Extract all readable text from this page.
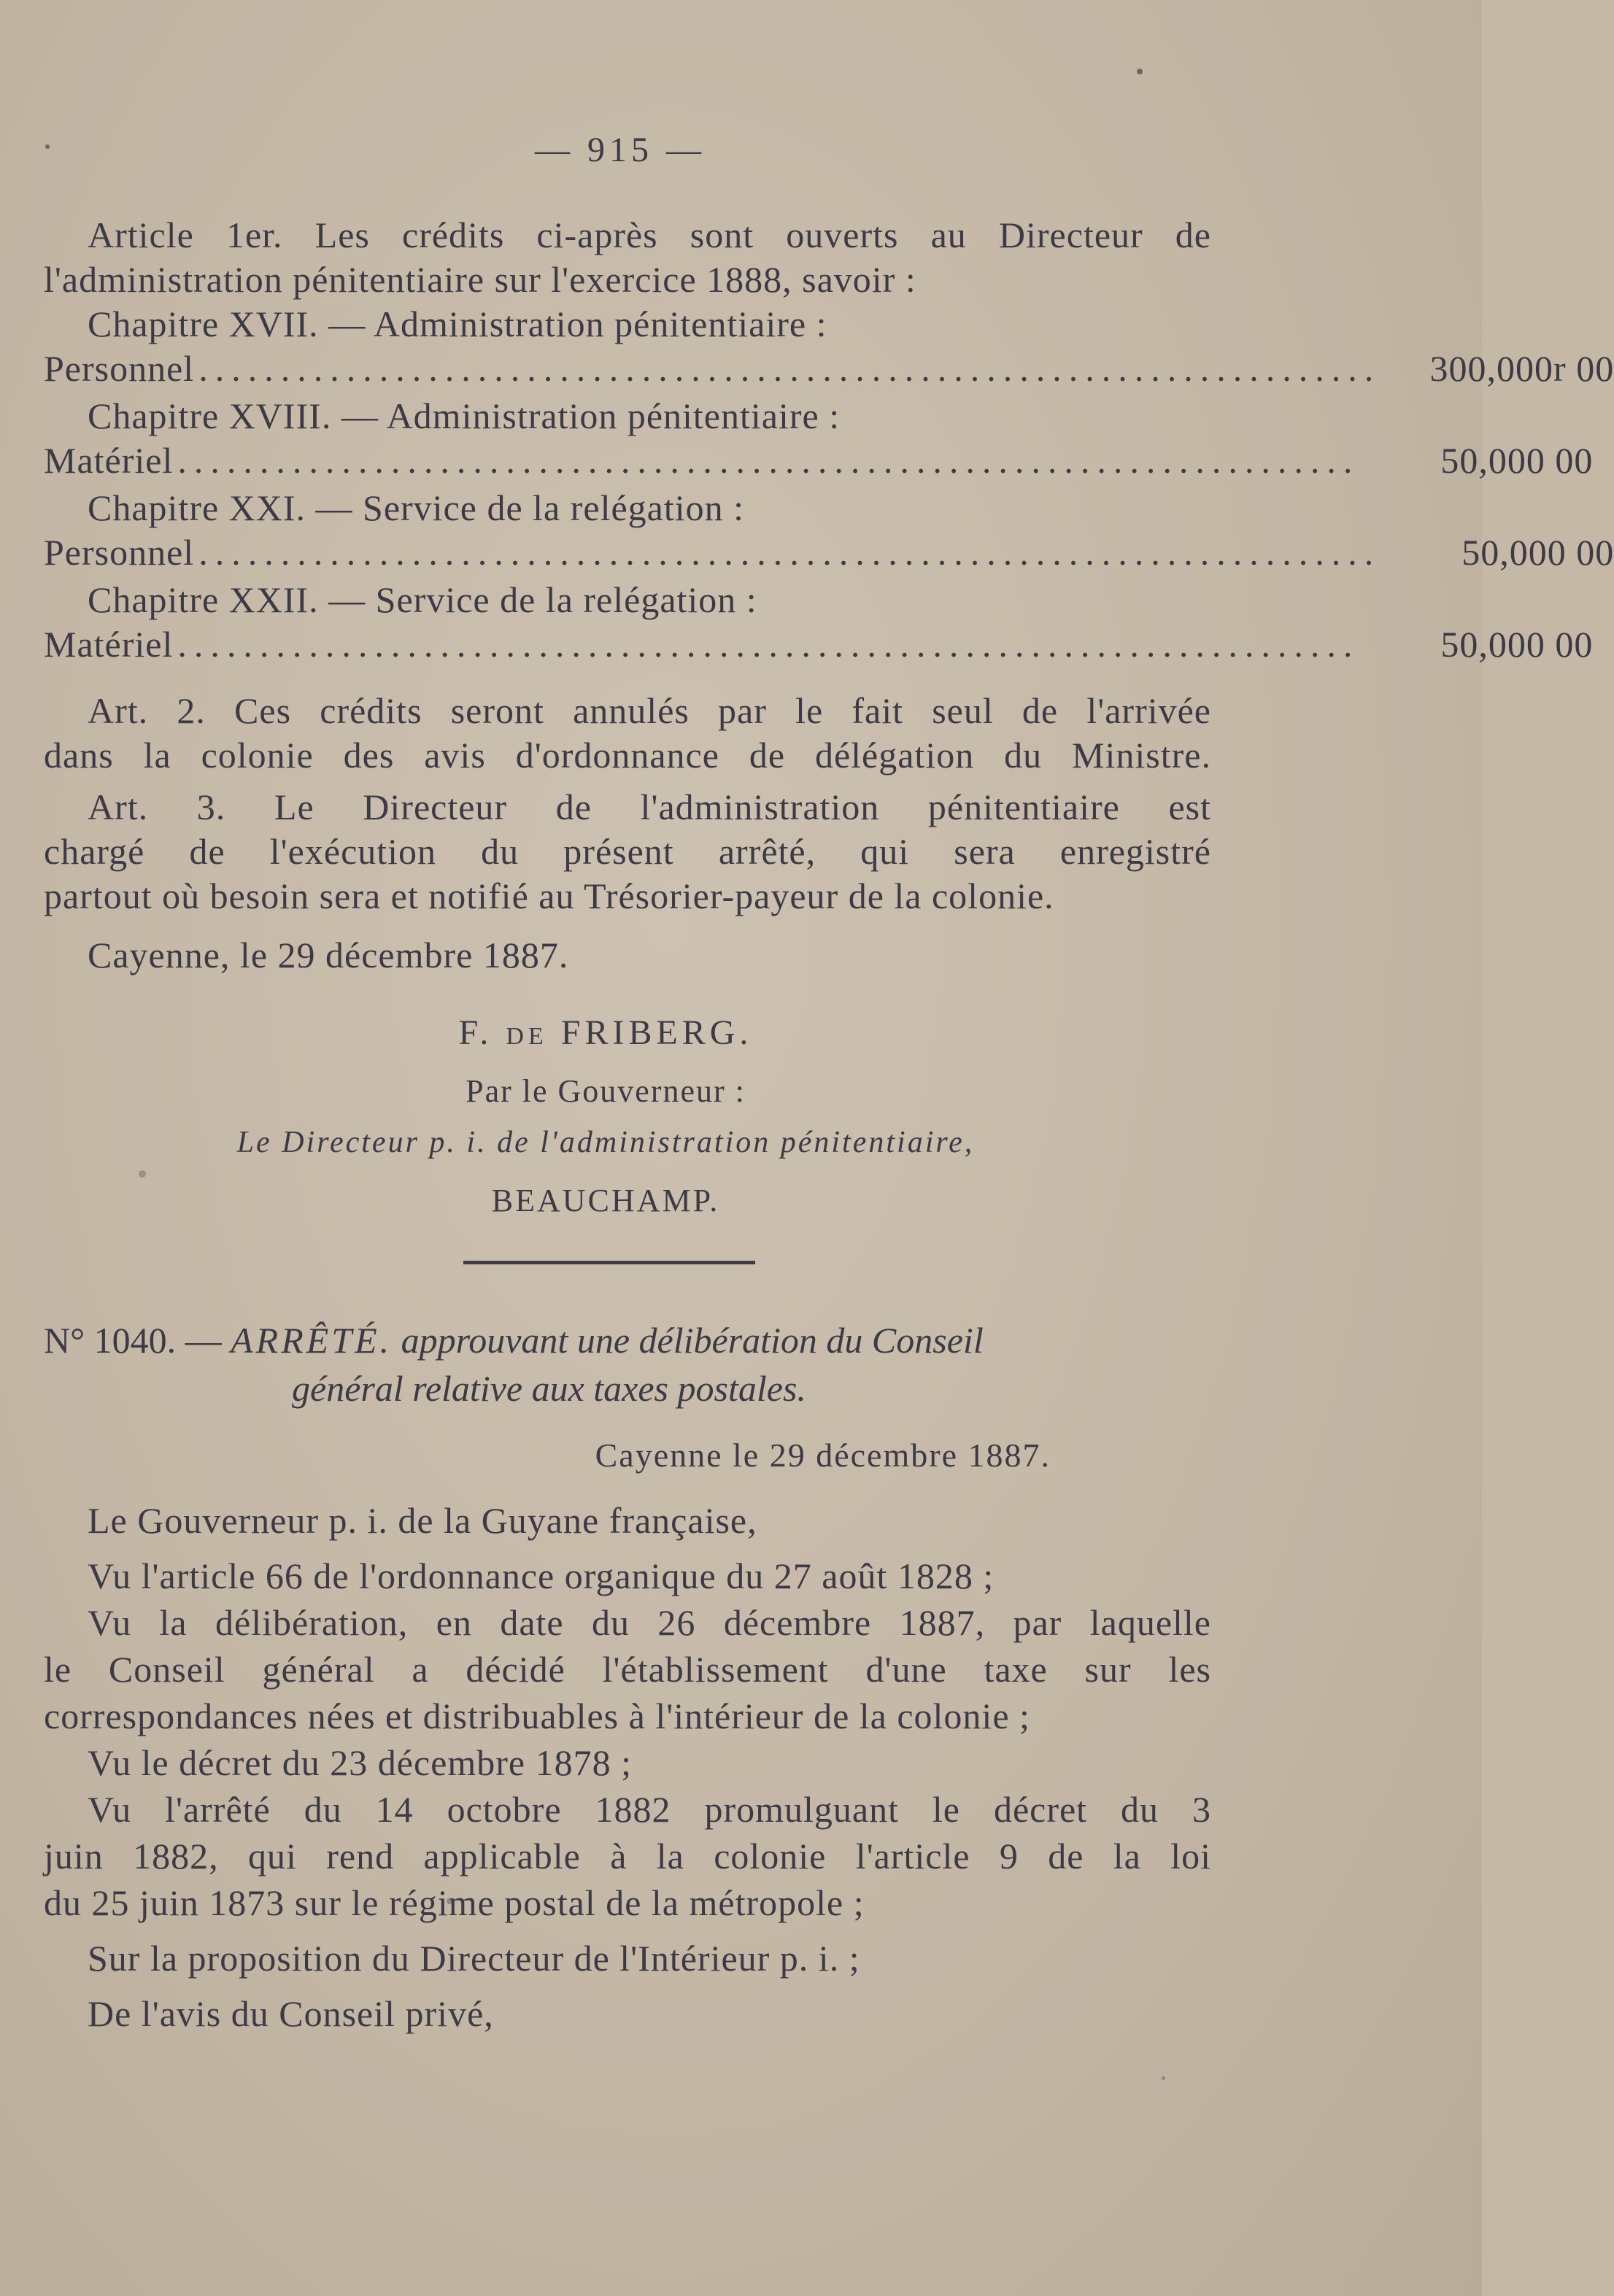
— 915 —
Article 1er. Les crédits ci-après sont ouverts au Directeur de
l'administration pénitentiaire sur l'exercice 1888, savoir :
Chapitre XVII. — Administration pénitentiaire :
Personnel ........................................................................	300,000r 00
Chapitre XVIII. — Administration pénitentiaire :
Matériel ........................................................................	50,000 00
Chapitre XXI. — Service de la relégation :
Personnel ........................................................................	50,000 00
Chapitre XXII. — Service de la relégation :
Matériel ........................................................................	50,000 00
Art. 2. Ces crédits seront annulés par le fait seul de l'arrivée
dans la colonie des avis d'ordonnance de délégation du Ministre.
Art. 3. Le Directeur de l'administration pénitentiaire est
chargé de l'exécution du présent arrêté, qui sera enregistré
partout où besoin sera et notifié au Trésorier-payeur de la colonie.
Cayenne, le 29 décembre 1887.
F. de FRIBERG.
Par le Gouverneur :
Le Directeur p. i. de l'administration pénitentiaire,
BEAUCHAMP.
N° 1040. — ARRÊTÉ. approuvant une délibération du Conseil
général relative aux taxes postales.
Cayenne le 29 décembre 1887.
Le Gouverneur p. i. de la Guyane française,
Vu l'article 66 de l'ordonnance organique du 27 août 1828 ;
Vu la délibération, en date du 26 décembre 1887, par laquelle
le Conseil général a décidé l'établissement d'une taxe sur les
correspondances nées et distribuables à l'intérieur de la colonie ;
Vu le décret du 23 décembre 1878 ;
Vu l'arrêté du 14 octobre 1882 promulguant le décret du 3
juin 1882, qui rend applicable à la colonie l'article 9 de la loi
du 25 juin 1873 sur le régime postal de la métropole ;
Sur la proposition du Directeur de l'Intérieur p. i. ;
De l'avis du Conseil privé,
